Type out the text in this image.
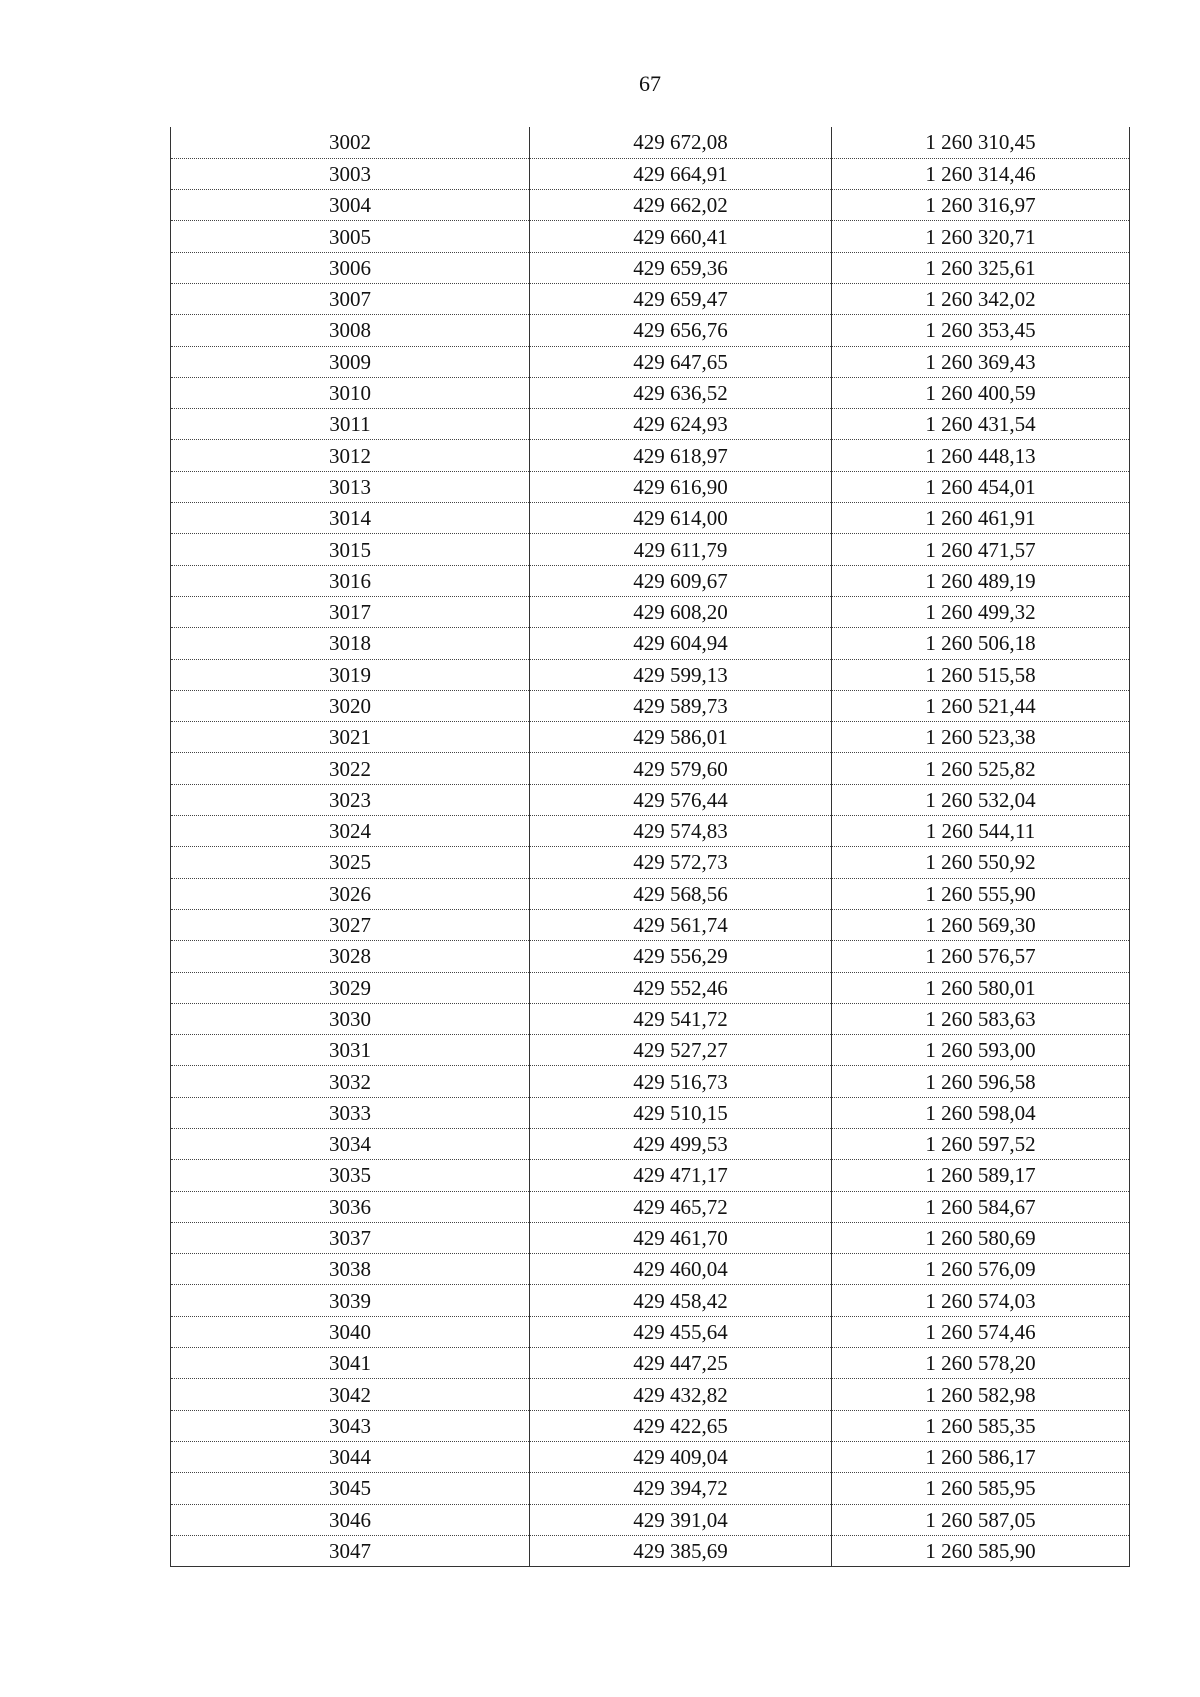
67
3002	429 672,08	1 260 310,45
3003	429 664,91	1 260 314,46
3004	429 662,02	1 260 316,97
3005	429 660,41	1 260 320,71
3006	429 659,36	1 260 325,61
3007	429 659,47	1 260 342,02
3008	429 656,76	1 260 353,45
3009	429 647,65	1 260 369,43
3010	429 636,52	1 260 400,59
3011	429 624,93	1 260 431,54
3012	429 618,97	1 260 448,13
3013	429 616,90	1 260 454,01
3014	429 614,00	1 260 461,91
3015	429 611,79	1 260 471,57
3016	429 609,67	1 260 489,19
3017	429 608,20	1 260 499,32
3018	429 604,94	1 260 506,18
3019	429 599,13	1 260 515,58
3020	429 589,73	1 260 521,44
3021	429 586,01	1 260 523,38
3022	429 579,60	1 260 525,82
3023	429 576,44	1 260 532,04
3024	429 574,83	1 260 544,11
3025	429 572,73	1 260 550,92
3026	429 568,56	1 260 555,90
3027	429 561,74	1 260 569,30
3028	429 556,29	1 260 576,57
3029	429 552,46	1 260 580,01
3030	429 541,72	1 260 583,63
3031	429 527,27	1 260 593,00
3032	429 516,73	1 260 596,58
3033	429 510,15	1 260 598,04
3034	429 499,53	1 260 597,52
3035	429 471,17	1 260 589,17
3036	429 465,72	1 260 584,67
3037	429 461,70	1 260 580,69
3038	429 460,04	1 260 576,09
3039	429 458,42	1 260 574,03
3040	429 455,64	1 260 574,46
3041	429 447,25	1 260 578,20
3042	429 432,82	1 260 582,98
3043	429 422,65	1 260 585,35
3044	429 409,04	1 260 586,17
3045	429 394,72	1 260 585,95
3046	429 391,04	1 260 587,05
3047	429 385,69	1 260 585,90
